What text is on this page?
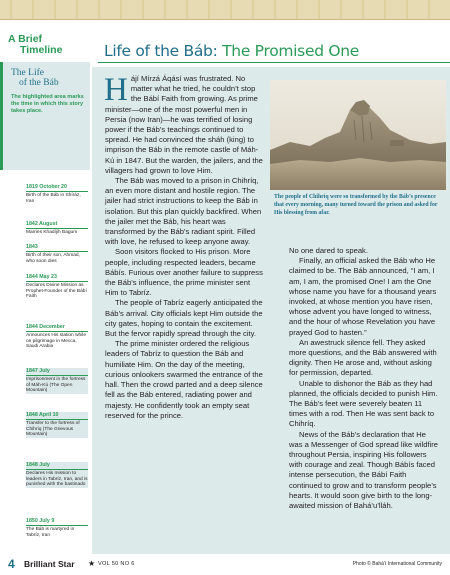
A Brief
Timeline
The Life
of the Báb
The highlighted area marks the time in which this story takes place.
1819 October 20
Birth of the Báb in Shíráz, Iran
1842 August
Marries Khadíjih Bagum
1843
Birth of their son, Ahmad, who soon dies
1844 May 23
Declares Divine Mission as Prophet-Founder of the Bábí Faith
1844 December
Announces His station while on pilgrimage in Mecca, Saudi Arabia
1847 July
Imprisonment in the fortress of Máh-Kú (The Open Mountain)
1848 April 10
Transfer to the fortress of Chihríq (The Grievous Mountain)
1848 July
Declares His mission to leaders in Tabríz, Iran, and is punished with the bastinado
1850 July 9
The Báb is martyred in Tabríz, Iran
Life of the Báb: The Promised One

Hájí Mírzá Áqásí was frustrated. No matter what he tried, he couldn’t stop the Bábí Faith from growing. As prime minister—one of the most powerful men in Persia (now Iran)—he was terrified of losing power if the Báb’s teachings continued to spread. He had convinced the sháh (king) to imprison the Báb in the remote castle of Máh-Kú in 1847. But the warden, the jailers, and the villagers had grown to love Him.

The Báb was moved to a prison in Chihríq, an even more distant and hostile region. The jailer had strict instructions to keep the Báb in isolation. But this plan quickly backfired. When the jailer met the Báb, his heart was transformed by the Báb’s radiant spirit. Filled with love, he refused to keep anyone away.

Soon visitors flocked to His prison. More people, including respected leaders, became Bábís. Furious over another failure to suppress the Báb’s influence, the prime minister sent Him to Tabríz.

The people of Tabríz eagerly anticipated the Báb’s arrival. City officials kept Him outside the city gates, hoping to contain the excitement. But the fervor rapidly spread through the city.

The prime minister ordered the religious leaders of Tabríz to question the Báb and humiliate Him. On the day of the meeting, curious onlookers swarmed the entrance of the hall. Then the crowd parted and a deep silence fell as the Báb entered, radiating power and majesty. He confidently took an empty seat reserved for the prince.

The people of Chihríq were so transformed by the Báb’s presence that every morning, many turned toward the prison and asked for His blessing from afar.

No one dared to speak.

Finally, an official asked the Báb who He claimed to be. The Báb announced, “I am, I am, I am, the promised One! I am the One whose name you have for a thousand years invoked, at whose mention you have risen, whose advent you have longed to witness, and the hour of whose Revelation you have prayed God to hasten.”

An awestruck silence fell. They asked more questions, and the Báb answered with dignity. Then He arose and, without asking for permission, departed.

Unable to dishonor the Báb as they had planned, the officials decided to punish Him. The Báb’s feet were severely beaten 11 times with a rod. Then He was sent back to Chihríq.

News of the Báb’s declaration that He was a Messenger of God spread like wildfire throughout Persia, inspiring His followers with courage and zeal. Though Bábís faced intense persecution, the Bábí Faith continued to grow and to transform people’s hearts. It would soon give birth to the long-awaited mission of Bahá’u’lláh.

4 Brilliant Star ★ VOL 50 NO 6	Photo © Bahá’í International Community
